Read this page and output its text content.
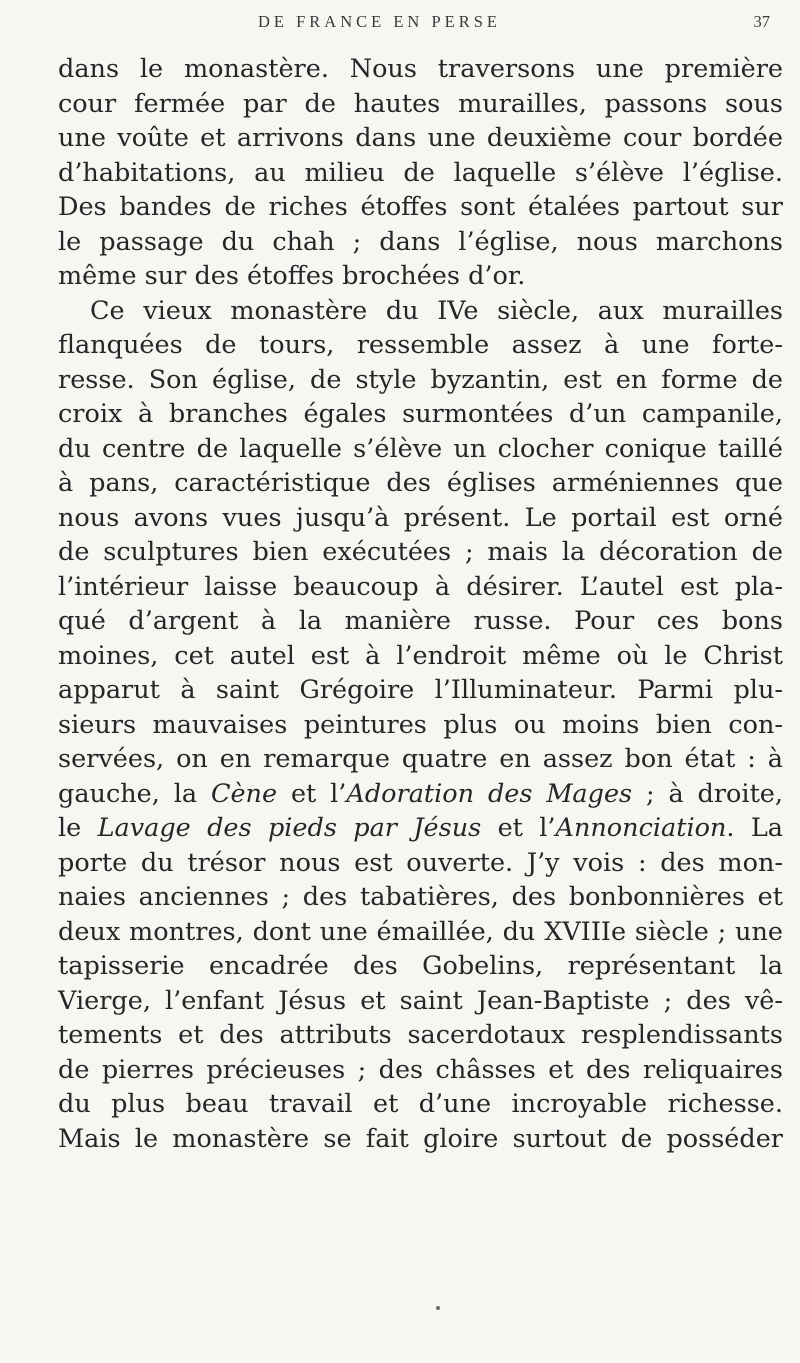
DE FRANCE EN PERSE	37
dans le monastère. Nous traversons une première
cour fermée par de hautes murailles, passons sous
une voûte et arrivons dans une deuxième cour bordée
d’habitations, au milieu de laquelle s’élève l’église.
Des bandes de riches étoffes sont étalées partout sur
le passage du chah ; dans l’église, nous marchons
même sur des étoffes brochées d’or.
Ce vieux monastère du IVe siècle, aux murailles
flanquées de tours, ressemble assez à une forte-
resse. Son église, de style byzantin, est en forme de
croix à branches égales surmontées d’un campanile,
du centre de laquelle s’élève un clocher conique taillé
à pans, caractéristique des églises arméniennes que
nous avons vues jusqu’à présent. Le portail est orné
de sculptures bien exécutées ; mais la décoration de
l’intérieur laisse beaucoup à désirer. L’autel est pla-
qué d’argent à la manière russe. Pour ces bons
moines, cet autel est à l’endroit même où le Christ
apparut à saint Grégoire l’Illuminateur. Parmi plu-
sieurs mauvaises peintures plus ou moins bien con-
servées, on en remarque quatre en assez bon état : à
gauche, la Cène et l’Adoration des Mages ; à droite,
le Lavage des pieds par Jésus et l’Annonciation. La
porte du trésor nous est ouverte. J’y vois : des mon-
naies anciennes ; des tabatières, des bonbonnières et
deux montres, dont une émaillée, du XVIIIe siècle ; une
tapisserie encadrée des Gobelins, représentant la
Vierge, l’enfant Jésus et saint Jean-Baptiste ; des vê-
tements et des attributs sacerdotaux resplendissants
de pierres précieuses ; des châsses et des reliquaires
du plus beau travail et d’une incroyable richesse.
Mais le monastère se fait gloire surtout de posséder
